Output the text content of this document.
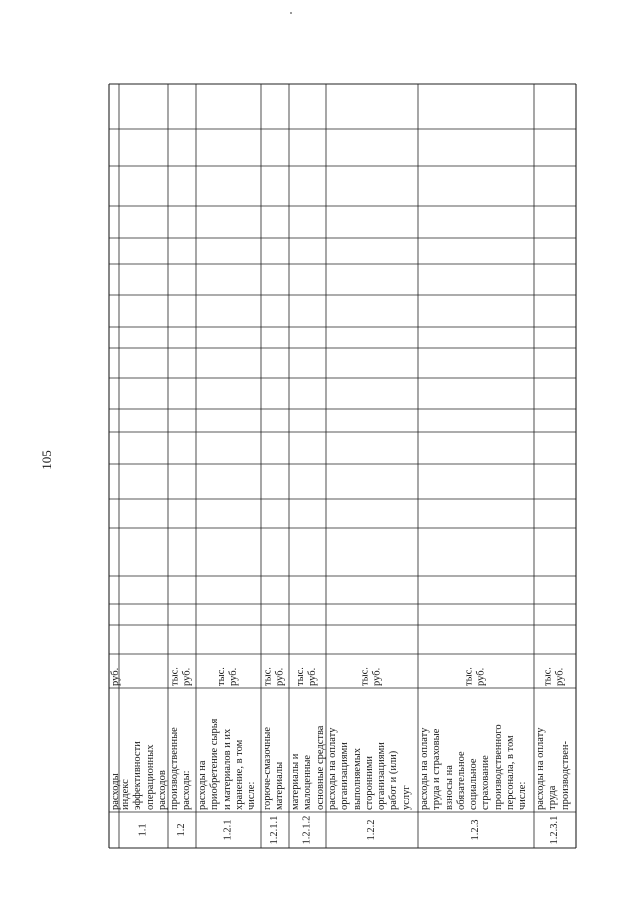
105
расходы
руб.
1.1
индекс эффективности операционных расходов
1.2
производственные расходы:
тыс. руб.
1.2.1
расходы на приобретение сырья и материалов и их хранение, в том числе:
тыс. руб.
1.2.1.1
горюче-смазочные материалы
тыс. руб.
1.2.1.2
материалы и малоценные основные средства
тыс. руб.
1.2.2
расходы на оплату организациями выполняемых сторонними организациями работ и (или) услуг
тыс. руб.
1.2.3
расходы на оплату труда и страховые взносы на обязательное социальное страхование производственного персонала, в том числе:
тыс. руб.
1.2.3.1
расходы на оплату труда производствен-
тыс. руб.
